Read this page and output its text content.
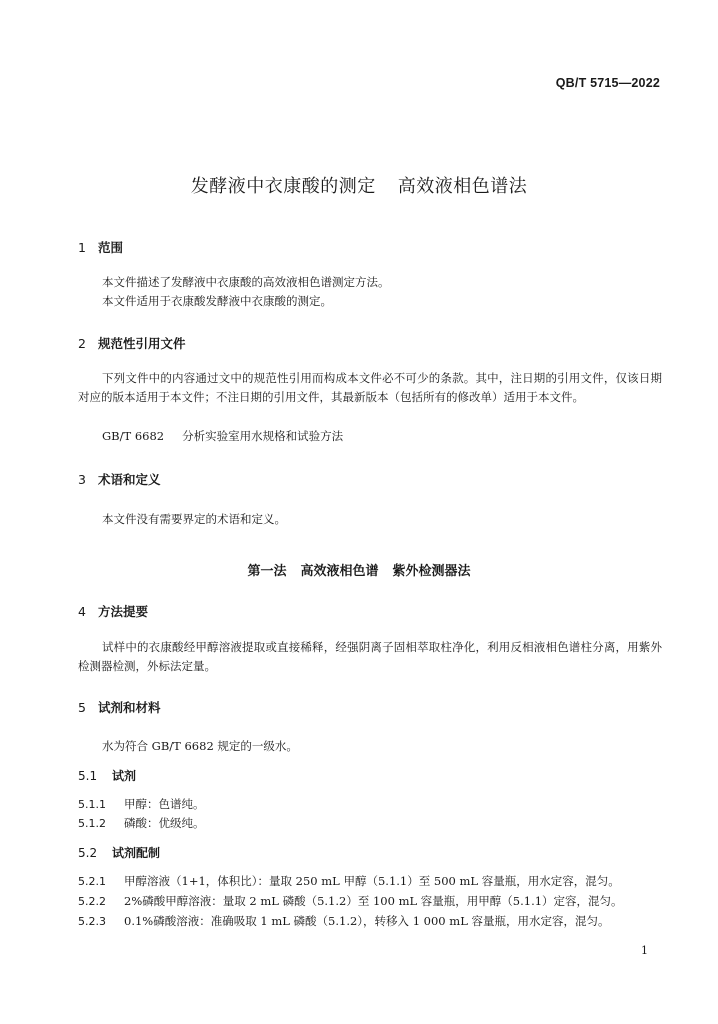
QB/T 5715—2022
发酵液中衣康酸的测定 高效液相色谱法
1 范围
本文件描述了发酵液中衣康酸的高效液相色谱测定方法。
本文件适用于衣康酸发酵液中衣康酸的测定。
2 规范性引用文件
下列文件中的内容通过文中的规范性引用而构成本文件必不可少的条款。其中，注日期的引用文件，仅该日期对应的版本适用于本文件；不注日期的引用文件，其最新版本（包括所有的修改单）适用于本文件。
GB/T 6682 分析实验室用水规格和试验方法
3 术语和定义
本文件没有需要界定的术语和定义。
第一法 高效液相色谱 紫外检测器法
4 方法提要
试样中的衣康酸经甲醇溶液提取或直接稀释，经强阴离子固相萃取柱净化，利用反相液相色谱柱分离，用紫外检测器检测，外标法定量。
5 试剂和材料
水为符合 GB/T 6682 规定的一级水。
5.1 试剂
5.1.1 甲醇：色谱纯。
5.1.2 磷酸：优级纯。
5.2 试剂配制
5.2.1 甲醇溶液（1+1，体积比）：量取 250 mL 甲醇（5.1.1）至 500 mL 容量瓶，用水定容，混匀。
5.2.2 2%磷酸甲醇溶液：量取 2 mL 磷酸（5.1.2）至 100 mL 容量瓶，用甲醇（5.1.1）定容，混匀。
5.2.3 0.1%磷酸溶液：准确吸取 1 mL 磷酸（5.1.2），转移入 1 000 mL 容量瓶，用水定容，混匀。
1
